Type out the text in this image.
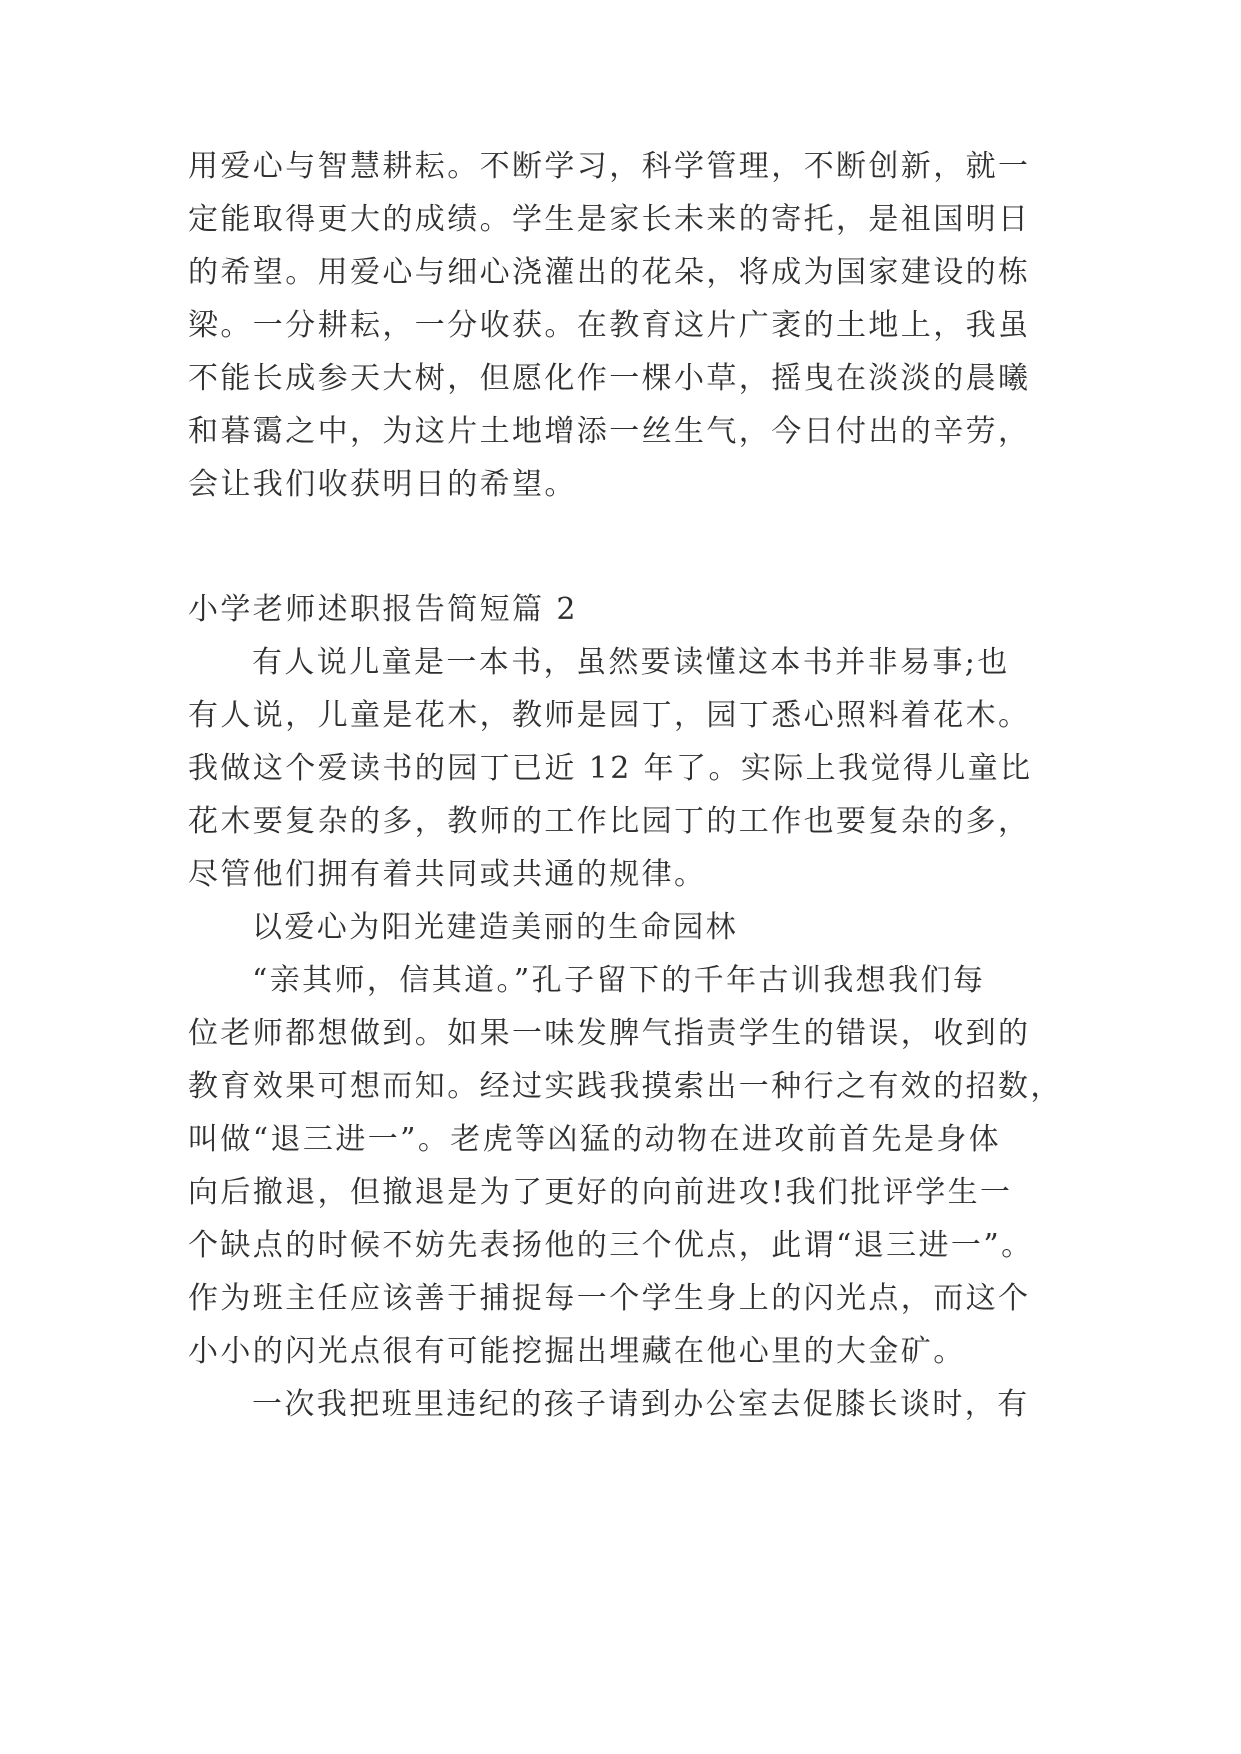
用爱心与智慧耕耘。不断学习，科学管理，不断创新，就一
定能取得更大的成绩。学生是家长未来的寄托，是祖国明日
的希望。用爱心与细心浇灌出的花朵，将成为国家建设的栋
梁。一分耕耘，一分收获。在教育这片广袤的土地上，我虽
不能长成参天大树，但愿化作一棵小草，摇曳在淡淡的晨曦
和暮霭之中，为这片土地增添一丝生气，今日付出的辛劳，
会让我们收获明日的希望。
小学老师述职报告简短篇 2
有人说儿童是一本书，虽然要读懂这本书并非易事;也
有人说，儿童是花木，教师是园丁，园丁悉心照料着花木。
我做这个爱读书的园丁已近 12 年了。实际上我觉得儿童比
花木要复杂的多，教师的工作比园丁的工作也要复杂的多，
尽管他们拥有着共同或共通的规律。
以爱心为阳光建造美丽的生命园林
“亲其师，信其道。”孔子留下的千年古训我想我们每
位老师都想做到。如果一味发脾气指责学生的错误，收到的
教育效果可想而知。经过实践我摸索出一种行之有效的招数，
叫做“退三进一”。老虎等凶猛的动物在进攻前首先是身体
向后撤退，但撤退是为了更好的向前进攻!我们批评学生一
个缺点的时候不妨先表扬他的三个优点，此谓“退三进一”。
作为班主任应该善于捕捉每一个学生身上的闪光点，而这个
小小的闪光点很有可能挖掘出埋藏在他心里的大金矿。
一次我把班里违纪的孩子请到办公室去促膝长谈时，有
